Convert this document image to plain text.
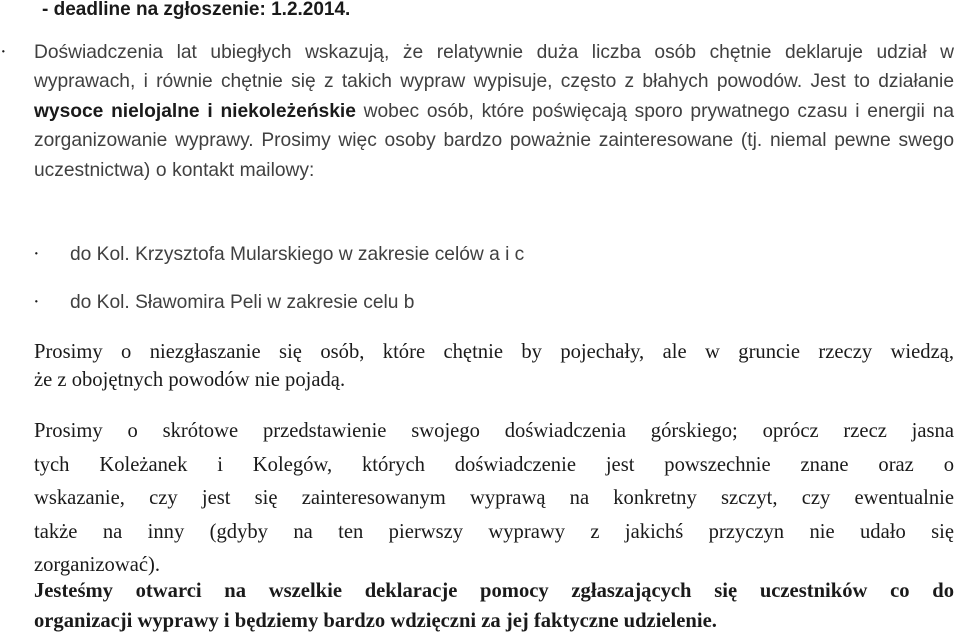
- deadline na zgłoszenie: 1.2.2014.
· Doświadczenia lat ubiegłych wskazują, że relatywnie duża liczba osób chętnie deklaruje udział w wyprawach, i równie chętnie się z takich wypraw wypisuje, często z błahych powodów. Jest to działanie wysoce nielojalne i niekoleżeńskie wobec osób, które poświęcają sporo prywatnego czasu i energii na zorganizowanie wyprawy. Prosimy więc osoby bardzo poważnie zainteresowane (tj. niemal pewne swego uczestnictwa) o kontakt mailowy:
· do Kol. Krzysztofa Mularskiego w zakresie celów a i c
· do Kol. Sławomira Peli w zakresie celu b
Prosimy o niezgłaszanie się osób, które chętnie by pojechały, ale w gruncie rzeczy wiedzą,
że z obojętnych powodów nie pojadą.
Prosimy o skrótowe przedstawienie swojego doświadczenia górskiego; oprócz rzecz jasna
tych Koleżanek i Kolegów, których doświadczenie jest powszechnie znane oraz o
wskazanie, czy jest się zainteresowanym wyprawą na konkretny szczyt, czy ewentualnie
także na inny (gdyby na ten pierwszy wyprawy z jakichś przyczyn nie udało się
zorganizować).
Jesteśmy otwarci na wszelkie deklaracje pomocy zgłaszających się uczestników co do
organizacji wyprawy i będziemy bardzo wdzięczni za jej faktyczne udzielenie.
